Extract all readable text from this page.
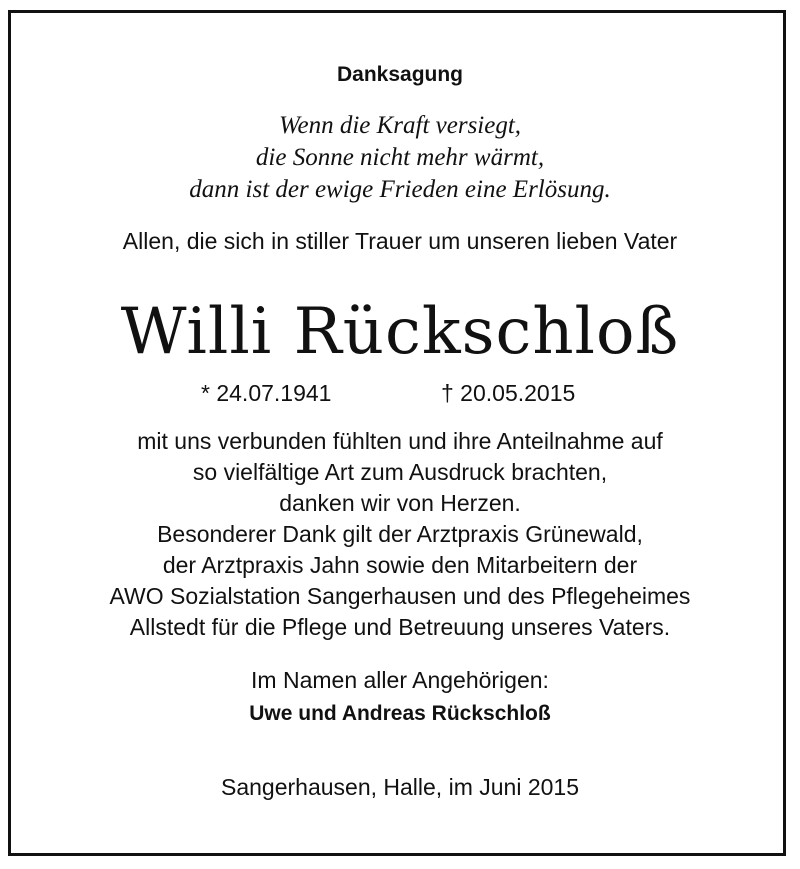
Danksagung
Wenn die Kraft versiegt,
die Sonne nicht mehr wärmt,
dann ist der ewige Frieden eine Erlösung.
Allen, die sich in stiller Trauer um unseren lieben Vater
Willi Rückschloß
* 24.07.1941	† 20.05.2015
mit uns verbunden fühlten und ihre Anteilnahme auf
so vielfältige Art zum Ausdruck brachten,
danken wir von Herzen.
Besonderer Dank gilt der Arztpraxis Grünewald,
der Arztpraxis Jahn sowie den Mitarbeitern der
AWO Sozialstation Sangerhausen und des Pflegeheimes
Allstedt für die Pflege und Betreuung unseres Vaters.
Im Namen aller Angehörigen:
Uwe und Andreas Rückschloß
Sangerhausen, Halle, im Juni 2015
